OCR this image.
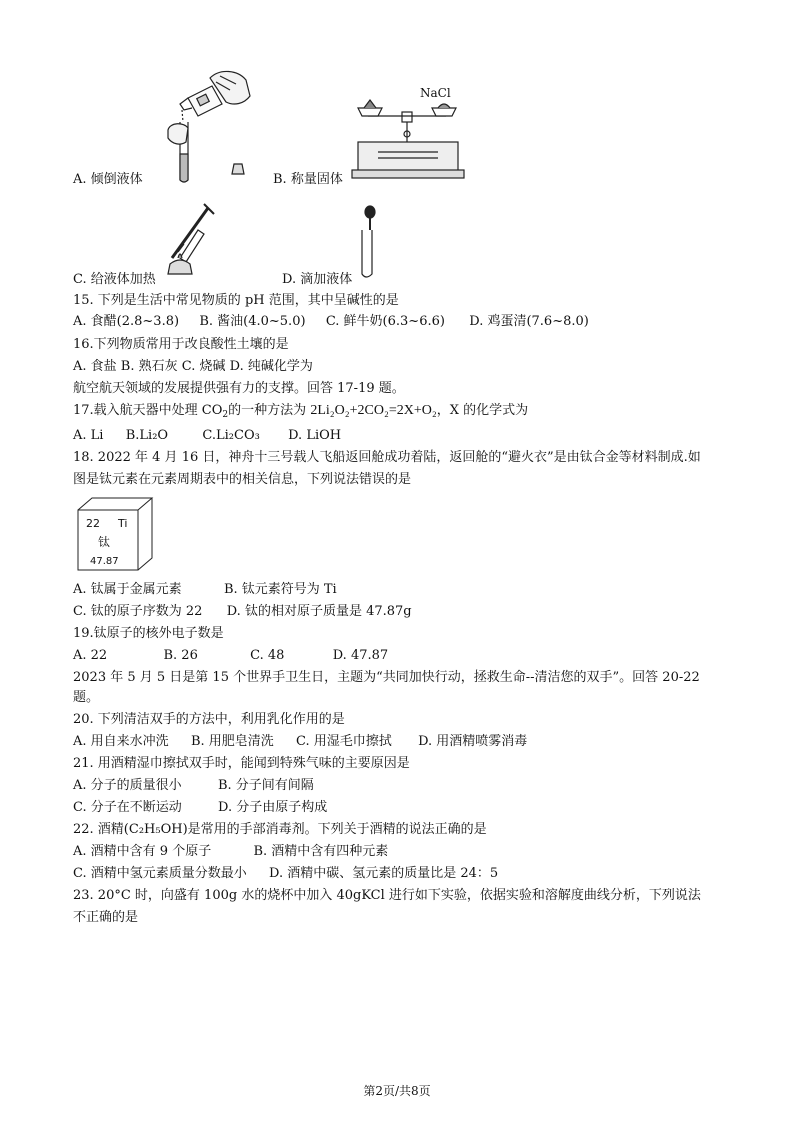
A. 倾倒液体
NaCl
B. 称量固体
C. 给液体加热	D. 滴加液体
15. 下列是生活中常见物质的 pH 范围，其中呈碱性的是
A. 食醋(2.8~3.8) B. 酱油(4.0~5.0) C. 鲜牛奶(6.3~6.6) D. 鸡蛋清(7.6~8.0)
16.下列物质常用于改良酸性土壤的是
A. 食盐 B. 熟石灰 C. 烧碱 D. 纯碱化学为
航空航天领域的发展提供强有力的支撑。回答 17-19 题。
17.载入航天器中处理 $CO_2$的一种方法为 2Li₂O₂+2CO₂=2X+O₂，X 的化学式为
A. Li B.Li₂O	C.Li₂CO₃ D. LiOH
18. 2022 年 4 月 16 日，神舟十三号载人飞船返回舱成功着陆，返回舱的“避火衣”是由钛合金等材料制成.如
图是钛元素在元素周期表中的相关信息，下列说法错误的是
22 Ti
钛
47.87
A. 钛属于金属元素	B. 钛元素符号为 Ti
C. 钛的原子序数为 22 D. 钛的相对原子质量是 47.87g
19.钛原子的核外电子数是
A. 22	B. 26	C. 48	D. 47.87
2023 年 5 月 5 日是第 15 个世界手卫生日，主题为“共同加快行动，拯救生命--清洁您的双手”。回答 20-22
题。
20. 下列清洁双手的方法中，利用乳化作用的是
A. 用自来水冲洗 B. 用肥皂清洗 C. 用湿毛巾擦拭 D. 用酒精喷雾消毒
21. 用酒精湿巾擦拭双手时，能闻到特殊气味的主要原因是
A. 分子的质量很小	B. 分子间有间隔
C. 分子在不断运动	D. 分子由原子构成
22. 酒精(C₂H₅OH)是常用的手部消毒剂。下列关于酒精的说法正确的是
A. 酒精中含有 9 个原子	B. 酒精中含有四种元素
C. 酒精中氢元素质量分数最小 D. 酒精中碳、氢元素的质量比是 24：5
23. 20°C 时，向盛有 100g 水的烧杯中加入 40gKCl 进行如下实验，依据实验和溶解度曲线分析，下列说法
不正确的是
第2页/共8页
